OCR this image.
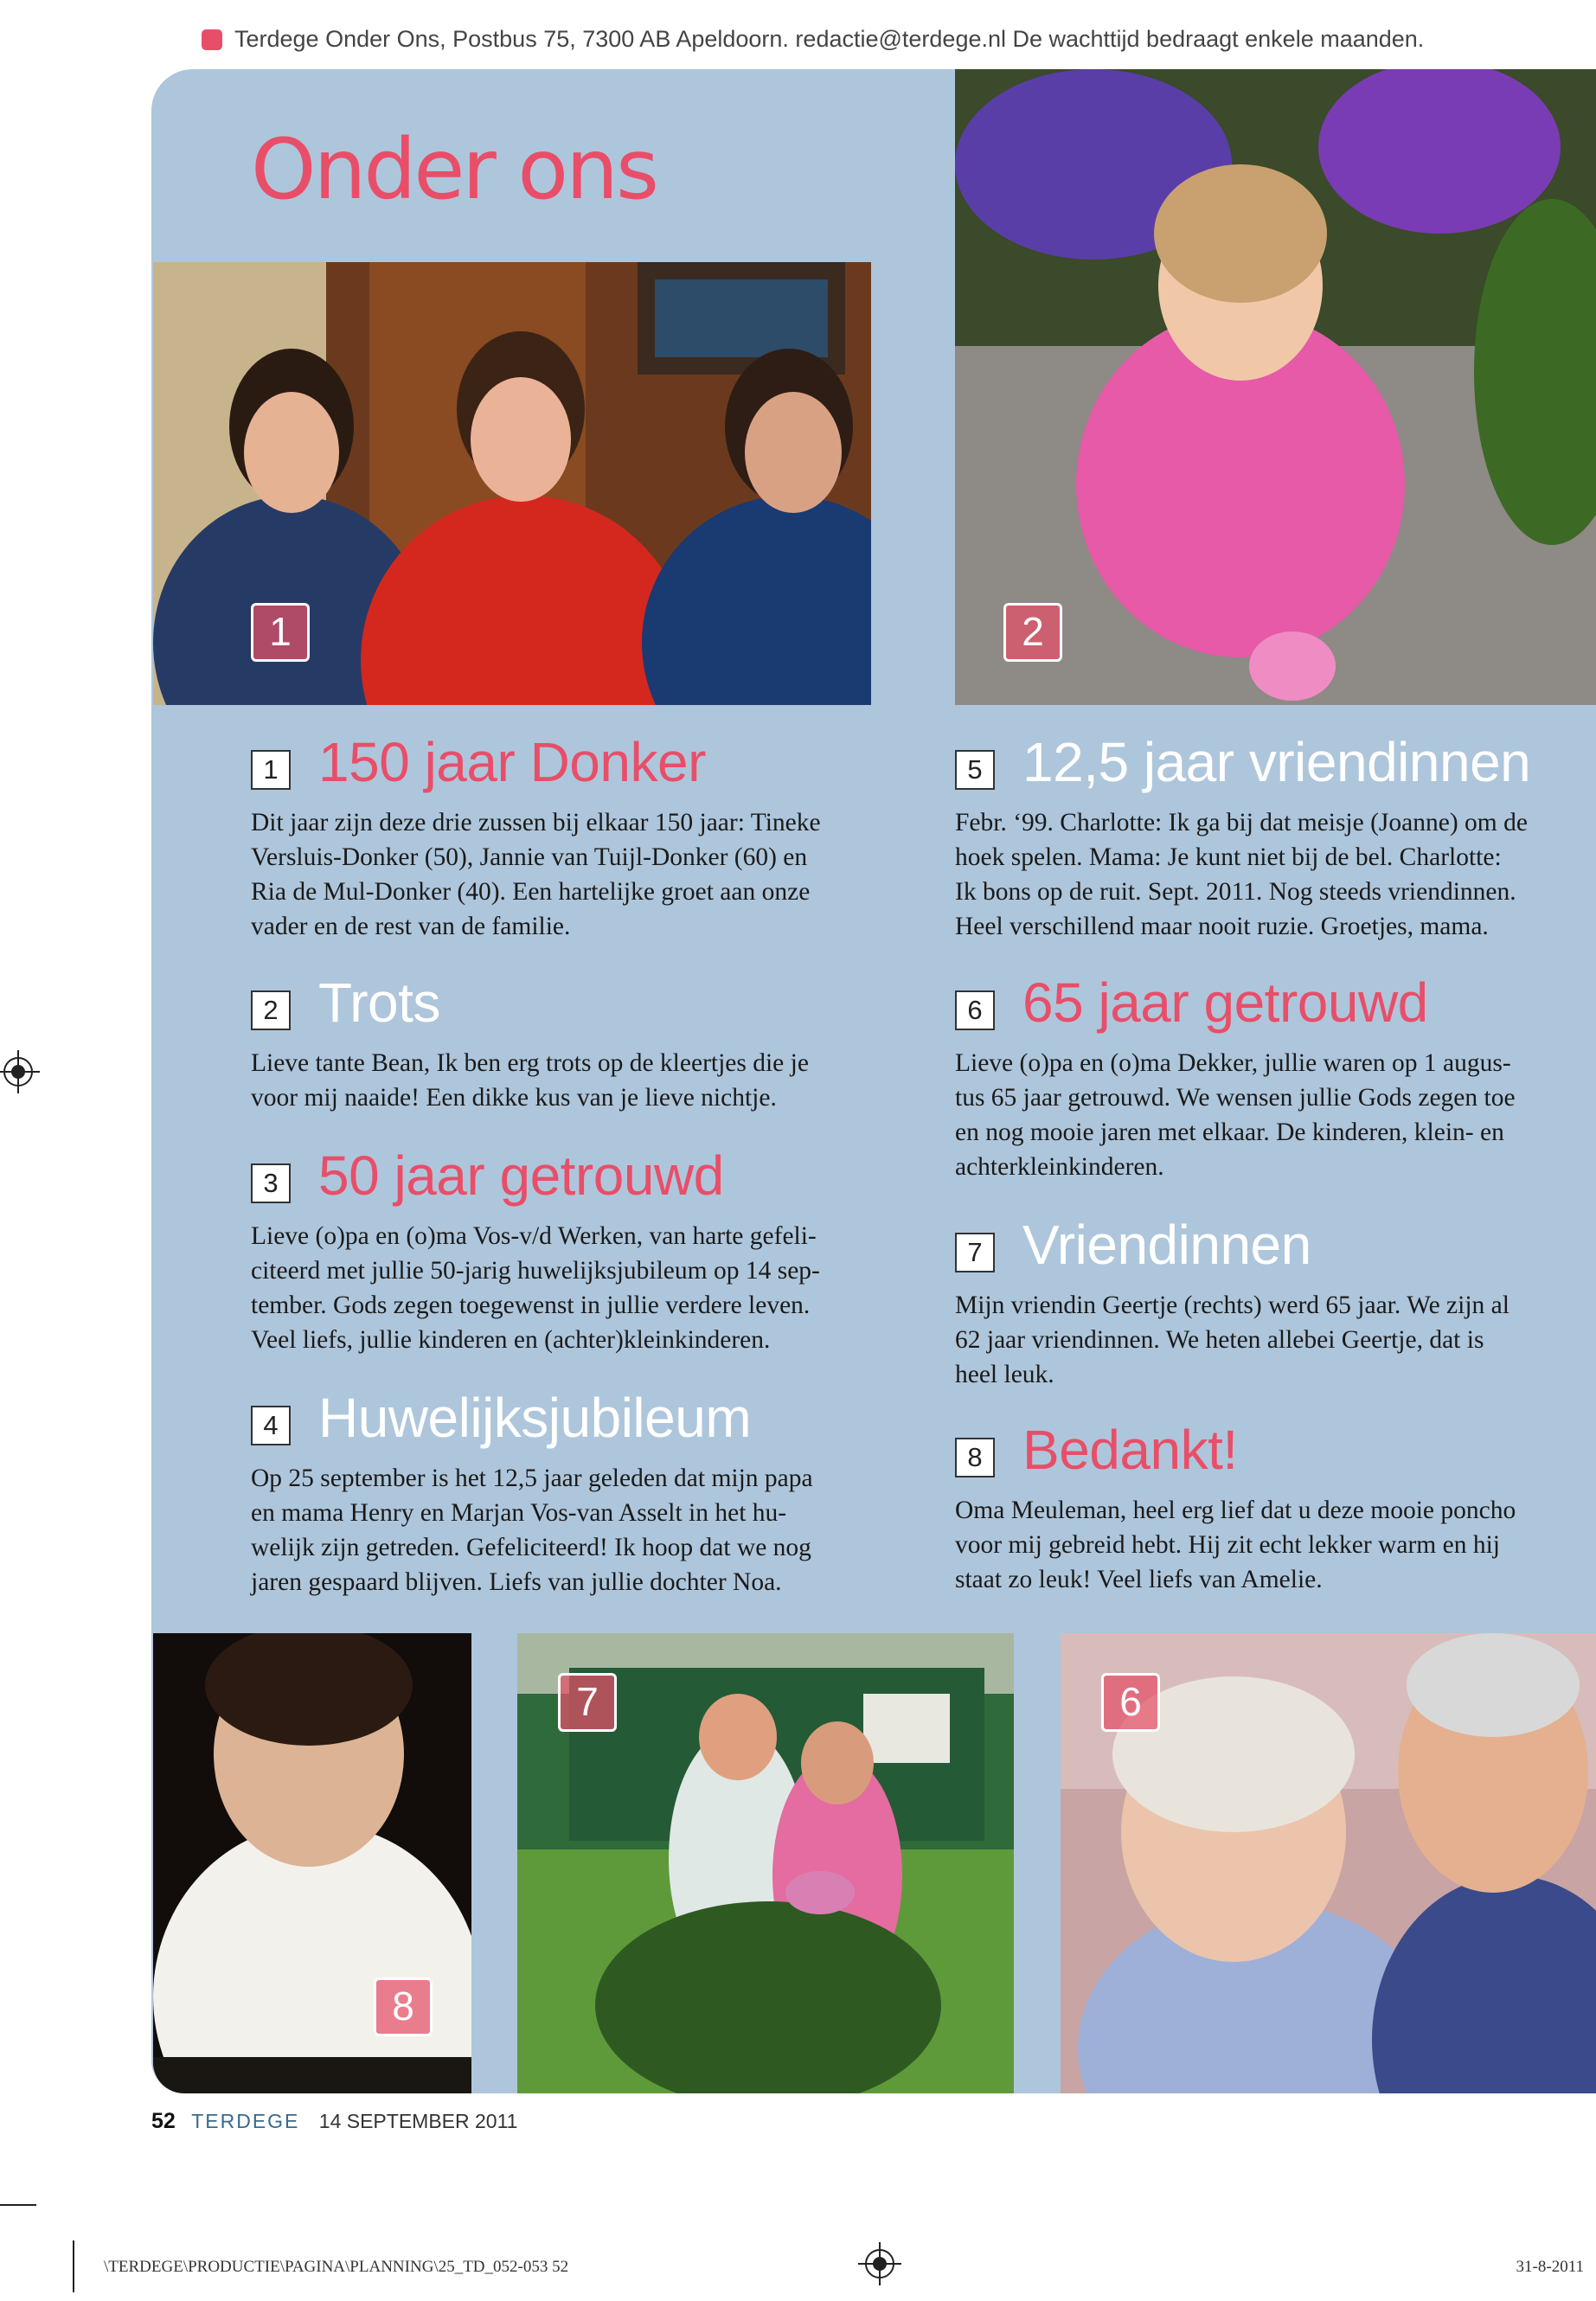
Terdege Onder Ons, Postbus 75, 7300 AB Apeldoorn. redactie@terdege.nl De wachttijd bedraagt enkele maanden.
Onder ons
1	2
8
7	6
1 150 jaar Donker
Dit jaar zijn deze drie zussen bij elkaar 150 jaar: Tineke
Versluis-Donker (50), Jannie van Tuijl-Donker (60) en
Ria de Mul-Donker (40). Een hartelijke groet aan onze
vader en de rest van de familie.
2 Trots
Lieve tante Bean, Ik ben erg trots op de kleertjes die je
voor mij naaide! Een dikke kus van je lieve nichtje.
3 50 jaar getrouwd
Lieve (o)pa en (o)ma Vos-v/d Werken, van harte gefeli-
citeerd met jullie 50-jarig huwelijksjubileum op 14 sep-
tember. Gods zegen toegewenst in jullie verdere leven.
Veel liefs, jullie kinderen en (achter)kleinkinderen.
4 Huwelijksjubileum
Op 25 september is het 12,5 jaar geleden dat mijn papa
en mama Henry en Marjan Vos-van Asselt in het hu-
welijk zijn getreden. Gefeliciteerd! Ik hoop dat we nog
jaren gespaard blijven. Liefs van jullie dochter Noa.
5 12,5 jaar vriendinnen
Febr. ‘99. Charlotte: Ik ga bij dat meisje (Joanne) om de
hoek spelen. Mama: Je kunt niet bij de bel. Charlotte:
Ik bons op de ruit. Sept. 2011. Nog steeds vriendinnen.
Heel verschillend maar nooit ruzie. Groetjes, mama.
6 65 jaar getrouwd
Lieve (o)pa en (o)ma Dekker, jullie waren op 1 augus-
tus 65 jaar getrouwd. We wensen jullie Gods zegen toe
en nog mooie jaren met elkaar. De kinderen, klein- en
achterkleinkinderen.
7 Vriendinnen
Mijn vriendin Geertje (rechts) werd 65 jaar. We zijn al
62 jaar vriendinnen. We heten allebei Geertje, dat is
heel leuk.
8 Bedankt!
Oma Meuleman, heel erg lief dat u deze mooie poncho
voor mij gebreid hebt. Hij zit echt lekker warm en hij
staat zo leuk! Veel liefs van Amelie.
52 TERDEGE 14 SEPTEMBER 2011
\TERDEGE\PRODUCTIE\PAGINA\PLANNING\25_TD_052-053 52	31-8-2011
